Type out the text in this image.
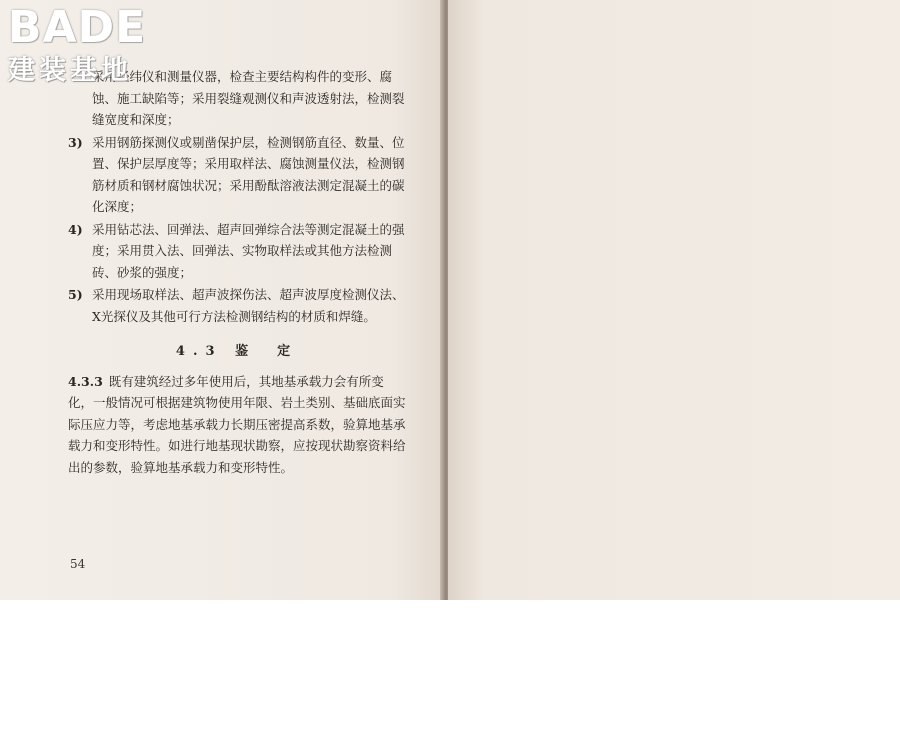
采用经纬仪和测量仪器，检查主要结构构件的变形、腐蚀、施工缺陷等；采用裂缝观测仪和声波透射法，检测裂缝宽度和深度；
3) 采用钢筋探测仪或剔凿保护层，检测钢筋直径、数量、位置、保护层厚度等；采用取样法、腐蚀测量仪法，检测钢筋材质和钢材腐蚀状况；采用酚酞溶液法测定混凝土的碳化深度；
4) 采用钻芯法、回弹法、超声回弹综合法等测定混凝土的强度；采用贯入法、回弹法、实物取样法或其他方法检测砖、砂浆的强度；
5) 采用现场取样法、超声波探伤法、超声波厚度检测仪法、X光探仪及其他可行方法检测钢结构的材质和焊缝。
4.3 鉴　定
4.3.3 既有建筑经过多年使用后，其地基承载力会有所变化，一般情况可根据建筑物使用年限、岩土类别、基础底面实际压应力等，考虑地基承载力长期压密提高系数，验算地基承载力和变形特性。如进行地基现状勘察，应按现状勘察资料给出的参数，验算地基承载力和变形特性。
54
BADE
建装基地
